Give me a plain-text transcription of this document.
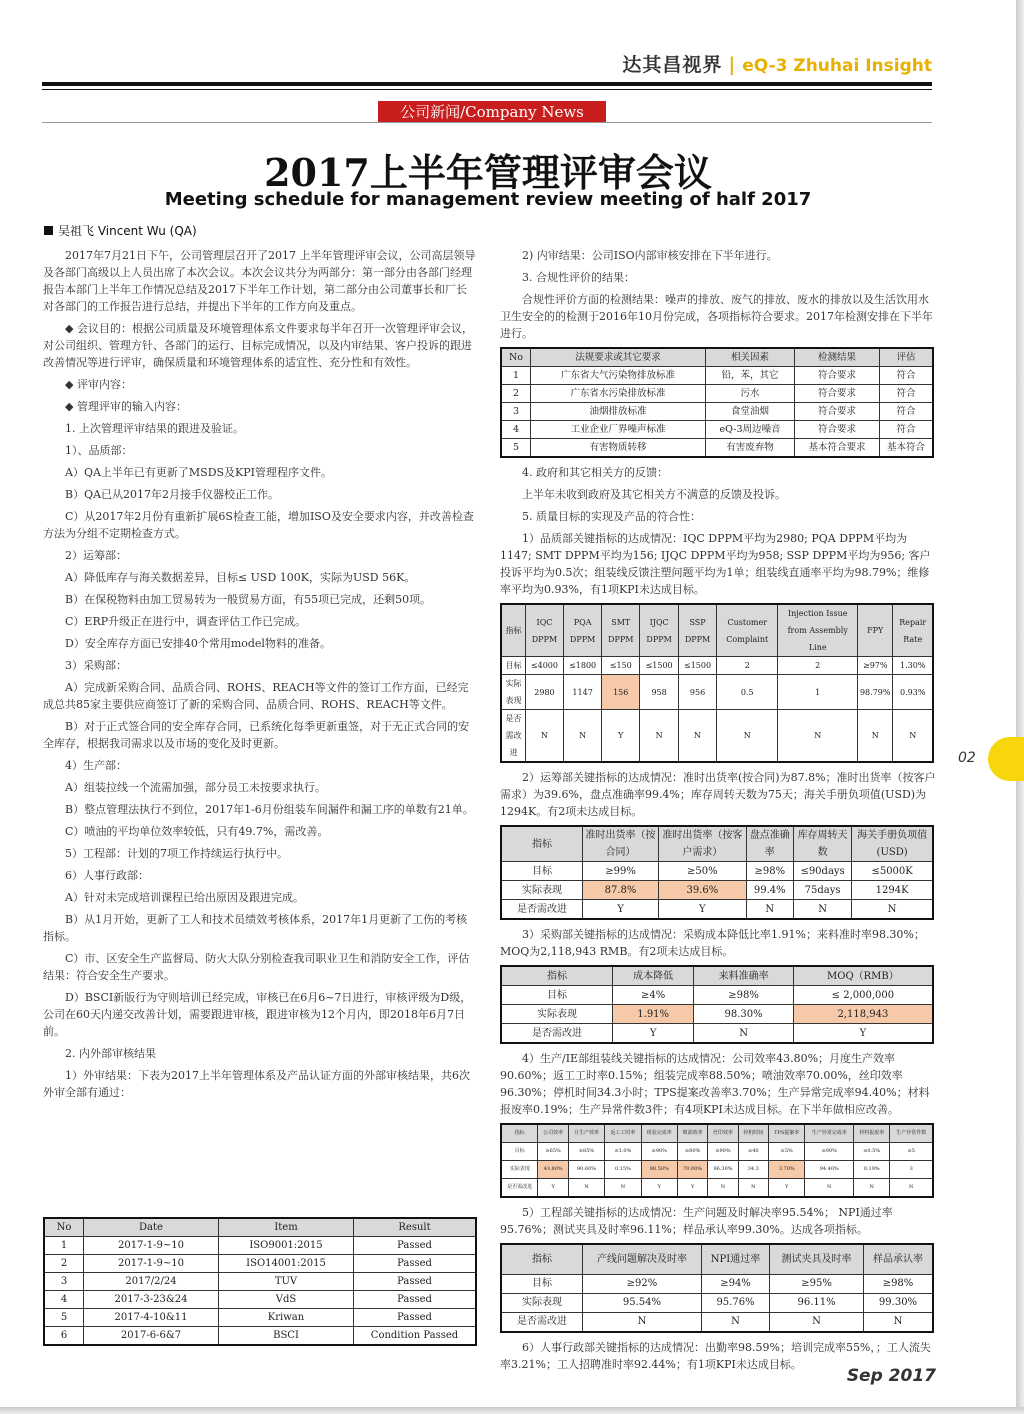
达其昌视界 | eQ-3 Zhuhai Insight
公司新闻/Company News
2017上半年管理评审会议
Meeting schedule for management review meeting of half 2017
吴祖飞 Vincent Wu (QA)

2017年7月21日下午，公司管理层召开了2017 上半年管理评审会议，公司高层领导及各部门高级以上人员出席了本次会议。本次会议共分为两部分：第一部分由各部门经理报告本部门上半年工作情况总结及2017下半年工作计划，第二部分由公司董事长和厂长对各部门的工作报告进行总结，并提出下半年的工作方向及重点。

◆ 会议目的：根据公司质量及环境管理体系文件要求每半年召开一次管理评审会议，对公司组织、管理方针、各部门的运行、目标完成情况，以及内审结果、客户投诉的跟进改善情况等进行评审，确保质量和环境管理体系的适宜性、充分性和有效性。

◆ 评审内容：

◆ 管理评审的输入内容：

1. 上次管理评审结果的跟进及验证。

1）、品质部：

A）QA上半年已有更新了MSDS及KPI管理程序文件。

B）QA已从2017年2月接手仪器校正工作。

C）从2017年2月份有重新扩展6S检查工能，增加ISO及安全要求内容，并改善检查方法为分组不定期检查方式。

2）运筹部：

A）降低库存与海关数据差异，目标≤ USD 100K，实际为USD 56K。

B）在保税物料由加工贸易转为一般贸易方面，有55项已完成，还剩50项。

C）ERP升级正在进行中，调查评估工作已完成。

D）安全库存方面已安排40个常用model物料的准备。

3）采购部：

A）完成新采购合同、品质合同、ROHS、REACH等文件的签订工作方面，已经完成总共85家主要供应商签订了新的采购合同、品质合同、ROHS、REACH等文件。

B）对于正式签合同的安全库存合同，已系统化每季更新重签，对于无正式合同的安全库存，根据我司需求以及市场的变化及时更新。

4）生产部：

A）组装拉线一个流需加强，部分员工未按要求执行。

B）整点管理法执行不到位，2017年1-6月份组装车间漏件和漏工序的单数有21单。

C）喷油的平均单位效率较低，只有49.7%，需改善。

5）工程部：计划的7项工作持续运行执行中。

6）人事行政部：

A）针对未完成培训课程已给出原因及跟进完成。

B）从1月开始，更新了工人和技术员绩效考核体系，2017年1月更新了工伤的考核指标。

C）市、区安全生产监督局、防火大队分别检查我司职业卫生和消防安全工作，评估结果：符合安全生产要求。

D）BSCI新版行为守则培训已经完成，审核已在6月6~7日进行，审核评级为D级，公司在60天内递交改善计划，需要跟进审核，跟进审核为12个月内，即2018年6月7日前。

2. 内外部审核结果

1）外审结果：下表为2017上半年管理体系及产品认证方面的外部审核结果，共6次外审全部有通过：

No	Date	Item	Result
1	2017-1-9~10	ISO9001:2015	Passed
2	2017-1-9~10	ISO14001:2015	Passed
3	2017/2/24	TUV	Passed
4	2017-3-23&24	VdS	Passed
5	2017-4-10&11	Kriwan	Passed
6	2017-6-6&7	BSCI	Condition Passed

2) 内审结果：公司ISO内部审核安排在下半年进行。

3. 合规性评价的结果：

合规性评价方面的检测结果：噪声的排放、废气的排放、废水的排放以及生活饮用水卫生安全的的检测于2016年10月份完成，各项指标符合要求。2017年检测安排在下半年进行。

No	法规要求或其它要求	相关因素	检测结果	评估
1	广东省大气污染物排放标准	铅，苯，其它	符合要求	符合
2	广东省水污染排放标准	污水	符合要求	符合
3	油烟排放标准	食堂油烟	符合要求	符合
4	工业企业厂界噪声标准	eQ-3周边噪音	符合要求	符合
5	有害物质转移	有害废弃物	基本符合要求	基本符合

4. 政府和其它相关方的反馈：

上半年未收到政府及其它相关方不满意的反馈及投诉。

5. 质量目标的实现及产品的符合性：

1）品质部关键指标的达成情况：IQC DPPM平均为2980; PQA DPPM平均为1147; SMT DPPM平均为156; IJQC DPPM平均为958; SSP DPPM平均为956; 客户投诉平均为0.5次；组装线反馈注塑问题平均为1单；组装线直通率平均为98.79%；维修率平均为0.93%，有1项KPI未达成目标。

指标	IQC DPPM	PQA DPPM	SMT DPPM	IJQC DPPM	SSP DPPM	Customer Complaint	Injection Issue from Assembly Line	FPY	Repair Rate
目标	≤4000	≤1800	≤150	≤1500	≤1500	2	2	≥97%	1.30%
实际表现	2980	1147	156	958	956	0.5	1	98.79%	0.93%
是否需改进	N	N	Y	N	N	N	N	N	N

2）运筹部关键指标的达成情况：准时出货率(按合同)为87.8%；准时出货率（按客户需求）为39.6%，盘点准确率99.4%；库存周转天数为75天；海关手册负项值(USD)为1294K。有2项未达成目标。

指标	准时出货率（按合同）	准时出货率（按客户需求）	盘点准确率	库存周转天数	海关手册负项值(USD)
目标	≥99%	≥50%	≥98%	≤90days	≤5000K
实际表现	87.8%	39.6%	99.4%	75days	1294K
是否需改进	Y	Y	N	N	N

3）采购部关键指标的达成情况：采购成本降低比率1.91%；来料准时率98.30%；MOQ为2,118,943 RMB。有2项未达成目标。

指标	成本降低	来料准确率	MOQ（RMB）
目标	≥4%	≥98%	≤ 2,000,000
实际表现	1.91%	98.30%	2,118,943
是否需改进	Y	N	Y

4）生产/IE部组装线关键指标的达成情况：公司效率43.80%；月度生产效率90.60%；返工工时率0.15%；组装完成率88.50%；喷油效率70.00%，丝印效率96.30%；停机时间34.3小时；TPS提案改善率3.70%；生产异常完成率94.40%；材料报废率0.19%；生产异常件数3件；有4项KPI未达成目标。在下半年做相应改善。

指标	公司效率	月生产效率	返工工时率	组装完成率	喷油效率	丝印效率	停机时间	TPS提案率	生产异常完成率	材料报废率	生产异常件数
目标	≥65%	≥85%	≤1.0%	≥90%	≥80%	≥90%	≤40	≥5%	≥90%	≤0.5%	≤5
实际表现	43.80%	90.60%	0.15%	88.50%	70.00%	96.30%	34.3	3.70%	94.40%	0.19%	3
是否需改进	Y	N	N	Y	Y	N	N	Y	N	N	N

5）工程部关键指标的达成情况：生产问题及时解决率95.54%； NPI通过率95.76%；测试夹具及时率96.11%；样品承认率99.30%。达成各项指标。

指标	产线问题解决及时率	NPI通过率	测试夹具及时率	样品承认率
目标	≥92%	≥94%	≥95%	≥98%
实际表现	95.54%	95.76%	96.11%	99.30%
是否需改进	N	N	N	N

6）人事行政部关键指标的达成情况：出勤率98.59%；培训完成率55%，；工人流失率3.21%；工人招聘准时率92.44%；有1项KPI未达成目标。

02
Sep 2017
